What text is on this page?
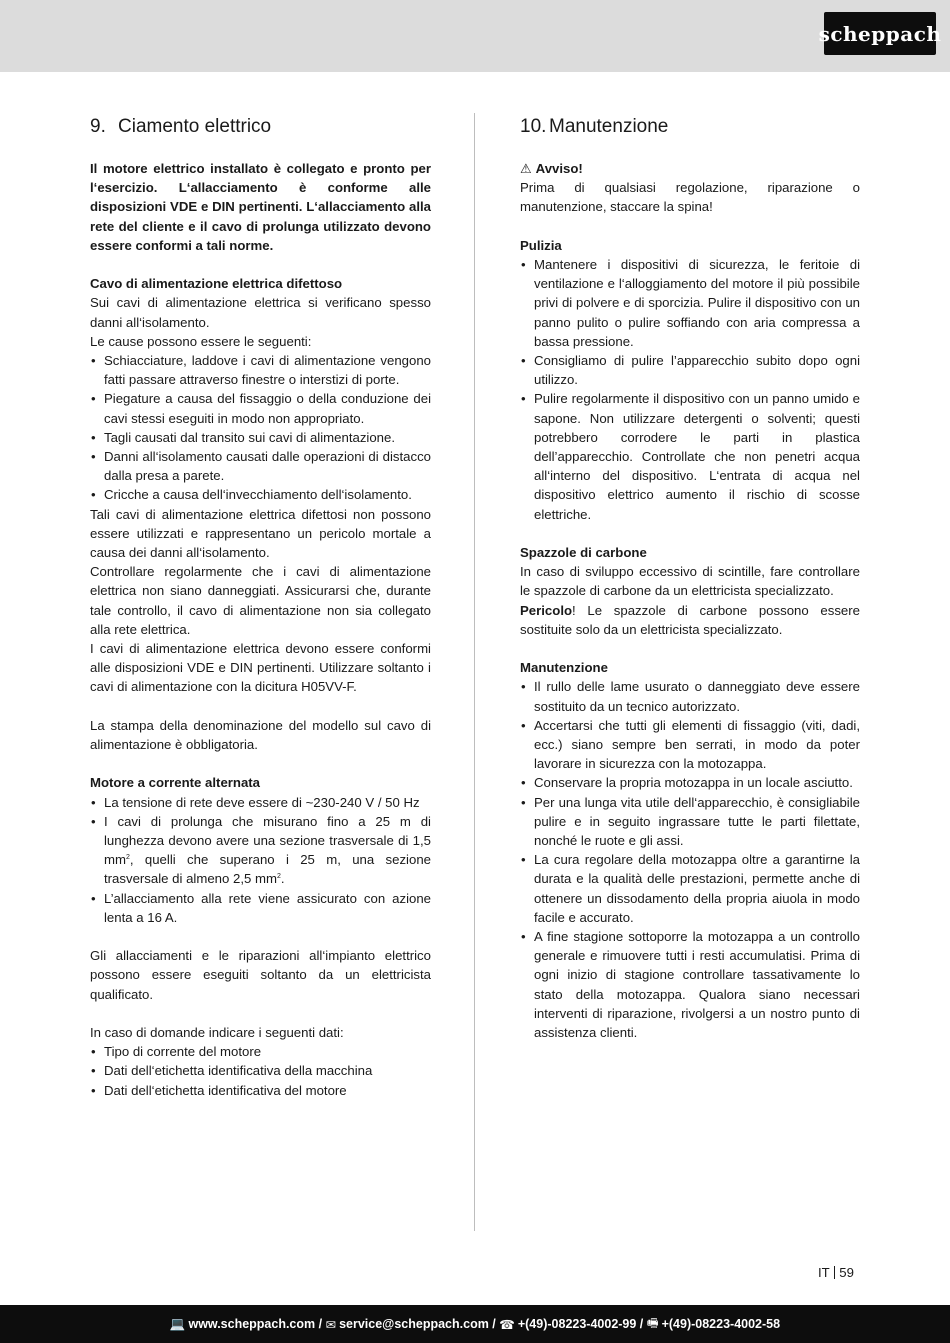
scheppach
9. Ciamento elettrico

Il motore elettrico installato è collegato e pronto per l‘esercizio. L‘allacciamento è conforme alle disposizioni VDE e DIN pertinenti. L‘allacciamento alla rete del cliente e il cavo di prolunga utilizzato devono essere conformi a tali norme.

Cavo di alimentazione elettrica difettoso

Sui cavi di alimentazione elettrica si verificano spesso danni all‘isolamento.

Le cause possono essere le seguenti:

• Schiacciature, laddove i cavi di alimentazione vengono fatti passare attraverso finestre o interstizi di porte.
• Piegature a causa del fissaggio o della conduzione dei cavi stessi eseguiti in modo non appropriato.
• Tagli causati dal transito sui cavi di alimentazione.
• Danni all‘isolamento causati dalle operazioni di distacco dalla presa a parete.
• Cricche a causa dell‘invecchiamento dell‘isolamento.

Tali cavi di alimentazione elettrica difettosi non possono essere utilizzati e rappresentano un pericolo mortale a causa dei danni all‘isolamento.

Controllare regolarmente che i cavi di alimentazione elettrica non siano danneggiati. Assicurarsi che, durante tale controllo, il cavo di alimentazione non sia collegato alla rete elettrica.

I cavi di alimentazione elettrica devono essere conformi alle disposizioni VDE e DIN pertinenti. Utilizzare soltanto i cavi di alimentazione con la dicitura H05VV-F.

La stampa della denominazione del modello sul cavo di alimentazione è obbligatoria.

Motore a corrente alternata

• La tensione di rete deve essere di ~230-240 V / 50 Hz
• I cavi di prolunga che misurano fino a 25 m di lunghezza devono avere una sezione trasversale di 1,5 $mm^2$, quelli che superano i 25 m, una sezione trasversale di almeno 2,5 $mm^2$.
• L’allacciamento alla rete viene assicurato con azione lenta a 16 A.

Gli allacciamenti e le riparazioni all‘impianto elettrico possono essere eseguiti soltanto da un elettricista qualificato.

In caso di domande indicare i seguenti dati:

• Tipo di corrente del motore
• Dati dell‘etichetta identificativa della macchina
• Dati dell‘etichetta identificativa del motore
10. Manutenzione
⚠ Avviso!

Prima di qualsiasi regolazione, riparazione o manutenzione, staccare la spina!

Pulizia

• Mantenere i dispositivi di sicurezza, le feritoie di ventilazione e l‘alloggiamento del motore il più possibile privi di polvere e di sporcizia. Pulire il dispositivo con un panno pulito o pulire soffiando con aria compressa a bassa pressione.
• Consigliamo di pulire l’apparecchio subito dopo ogni utilizzo.
• Pulire regolarmente il dispositivo con un panno umido e sapone. Non utilizzare detergenti o solventi; questi potrebbero corrodere le parti in plastica dell’apparecchio. Controllate che non penetri acqua all‘interno del dispositivo. L‘entrata di acqua nel dispositivo elettrico aumento il rischio di scosse elettriche.

Spazzole di carbone

In caso di sviluppo eccessivo di scintille, fare controllare le spazzole di carbone da un elettricista specializzato.

Pericolo! Le spazzole di carbone possono essere sostituite solo da un elettricista specializzato.

Manutenzione

• Il rullo delle lame usurato o danneggiato deve essere sostituito da un tecnico autorizzato.
• Accertarsi che tutti gli elementi di fissaggio (viti, dadi, ecc.) siano sempre ben serrati, in modo da poter lavorare in sicurezza con la motozappa.
• Conservare la propria motozappa in un locale asciutto.
• Per una lunga vita utile dell‘apparecchio, è consigliabile pulire e in seguito ingrassare tutte le parti filettate, nonché le ruote e gli assi.
• La cura regolare della motozappa oltre a garantirne la durata e la qualità delle prestazioni, permette anche di ottenere un dissodamento della propria aiuola in modo facile e accurato.
• A fine stagione sottoporre la motozappa a un controllo generale e rimuovere tutti i resti accumulatisi. Prima di ogni inizio di stagione controllare tassativamente lo stato della motozappa. Qualora siano necessari interventi di riparazione, rivolgersi a un nostro punto di assistenza clienti.
IT 59
💻 www.scheppach.com /
✉ service@scheppach.com /
☎ +(49)-08223-4002-99 /
🖷 +(49)-08223-4002-58
